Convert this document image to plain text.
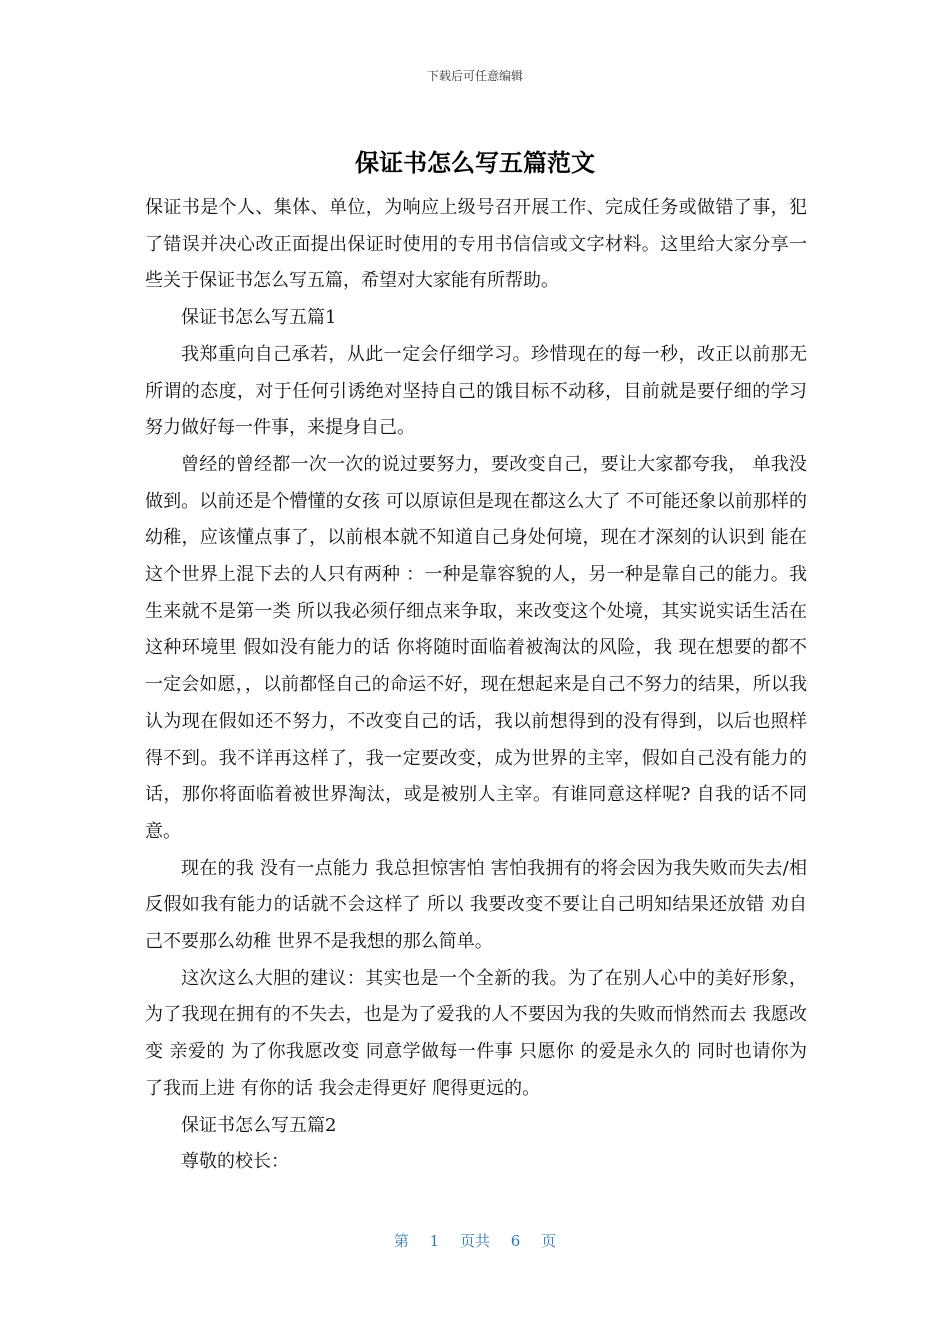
下载后可任意编辑
保证书怎么写五篇范文

保证书是个人、集体、单位，为响应上级号召开展工作、完成任务或做错了事，犯了错误并决心改正面提出保证时使用的专用书信信或文字材料。这里给大家分享一些关于保证书怎么写五篇，希望对大家能有所帮助。

保证书怎么写五篇1

我郑重向自己承若，从此一定会仔细学习。珍惜现在的每一秒，改正以前那无所谓的态度，对于任何引诱绝对坚持自己的饿目标不动移，目前就是要仔细的学习努力做好每一件事，来提身自己。

曾经的曾经都一次一次的说过要努力，要改变自己，要让大家都夸我， 单我没做到。以前还是个懵懂的女孩 可以原谅但是现在都这么大了 不可能还象以前那样的幼稚，应该懂点事了，以前根本就不知道自己身处何境，现在才深刻的认识到 能在这个世界上混下去的人只有两种 ：一种是靠容貌的人，另一种是靠自己的能力。我生来就不是第一类 所以我必须仔细点来争取，来改变这个处境，其实说实话生活在这种环境里 假如没有能力的话 你将随时面临着被淘汰的风险，我 现在想要的都不一定会如愿，，以前都怪自己的命运不好，现在想起来是自己不努力的结果，所以我认为现在假如还不努力，不改变自己的话，我以前想得到的没有得到，以后也照样得不到。我不详再这样了，我一定要改变，成为世界的主宰，假如自己没有能力的话，那你将面临着被世界淘汰，或是被别人主宰。有谁同意这样呢? 自我的话不同意。

现在的我 没有一点能力 我总担惊害怕 害怕我拥有的将会因为我失败而失去/相反假如我有能力的话就不会这样了 所以 我要改变不要让自己明知结果还放错 劝自己不要那么幼稚 世界不是我想的那么简单。

这次这么大胆的建议：其实也是一个全新的我。为了在别人心中的美好形象，为了我现在拥有的不失去，也是为了爱我的人不要因为我的失败而悄然而去 我愿改变 亲爱的 为了你我愿改变 同意学做每一件事 只愿你 的爱是永久的 同时也请你为了我而上进 有你的话 我会走得更好 爬得更远的。

保证书怎么写五篇2

尊敬的校长：

第 1 页共 6 页
